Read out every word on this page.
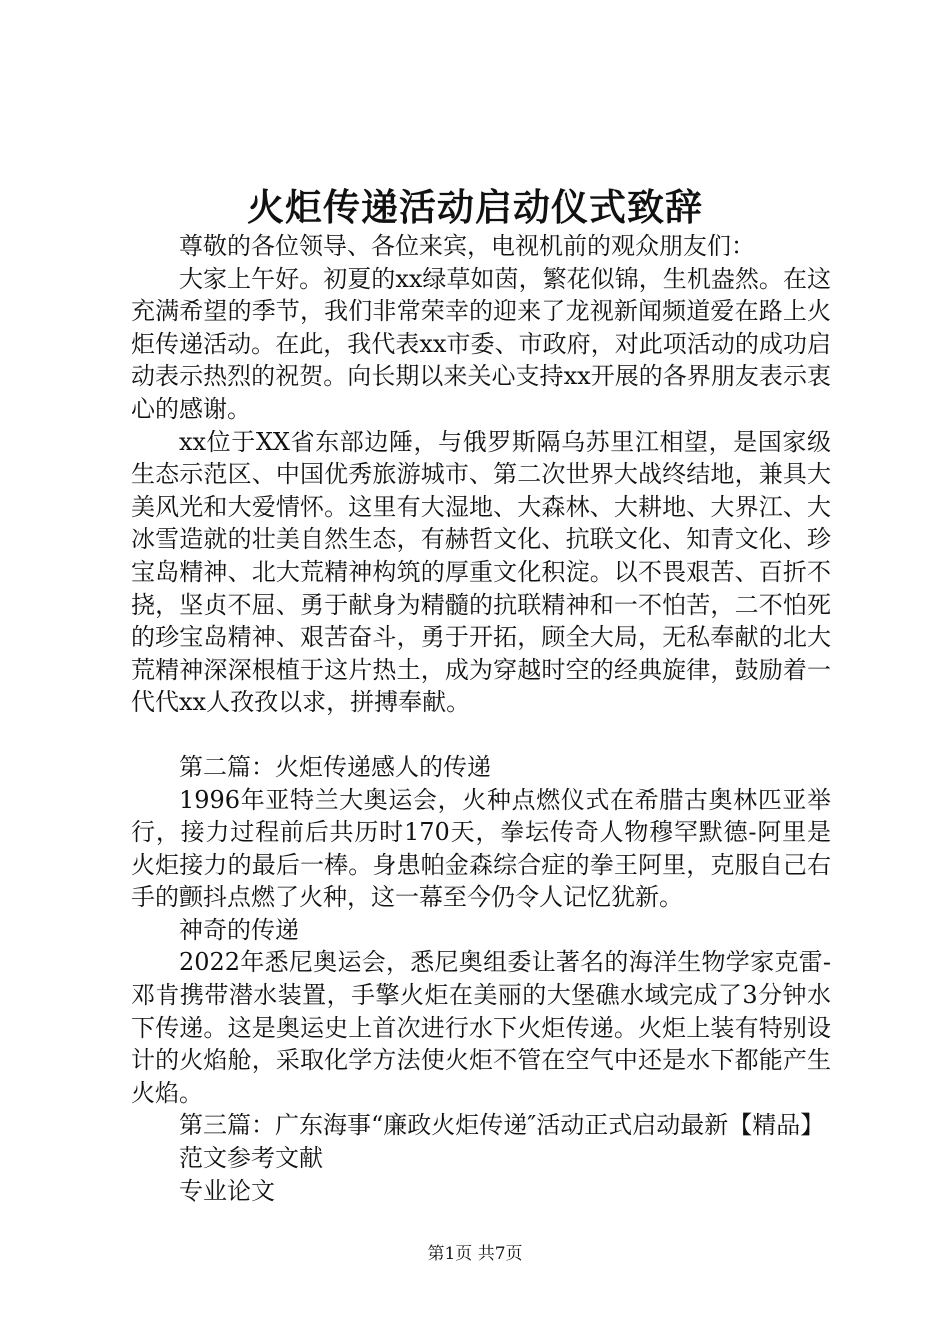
火炬传递活动启动仪式致辞

尊敬的各位领导、各位来宾，电视机前的观众朋友们：

大家上午好。初夏的xx绿草如茵，繁花似锦，生机盎然。在这充满希望的季节，我们非常荣幸的迎来了龙视新闻频道爱在路上火炬传递活动。在此，我代表xx市委、市政府，对此项活动的成功启动表示热烈的祝贺。向长期以来关心支持xx开展的各界朋友表示衷心的感谢。

xx位于XX省东部边陲，与俄罗斯隔乌苏里江相望，是国家级生态示范区、中国优秀旅游城市、第二次世界大战终结地，兼具大美风光和大爱情怀。这里有大湿地、大森林、大耕地、大界江、大冰雪造就的壮美自然生态，有赫哲文化、抗联文化、知青文化、珍宝岛精神、北大荒精神构筑的厚重文化积淀。以不畏艰苦、百折不挠，坚贞不屈、勇于献身为精髓的抗联精神和一不怕苦，二不怕死的珍宝岛精神、艰苦奋斗，勇于开拓，顾全大局，无私奉献的北大荒精神深深根植于这片热土，成为穿越时空的经典旋律，鼓励着一代代xx人孜孜以求，拼搏奉献。

第二篇：火炬传递感人的传递

1996年亚特兰大奥运会，火种点燃仪式在希腊古奥林匹亚举行，接力过程前后共历时170天，拳坛传奇人物穆罕默德-阿里是火炬接力的最后一棒。身患帕金森综合症的拳王阿里，克服自己右手的颤抖点燃了火种，这一幕至今仍令人记忆犹新。

神奇的传递

2022年悉尼奥运会，悉尼奥组委让著名的海洋生物学家克雷-邓肯携带潜水装置，手擎火炬在美丽的大堡礁水域完成了3分钟水下传递。这是奥运史上首次进行水下火炬传递。火炬上装有特别设计的火焰舱，采取化学方法使火炬不管在空气中还是水下都能产生火焰。

第三篇：广东海事“廉政火炬传递″活动正式启动最新【精品】

范文参考文献

专业论文

第1页 共7页
